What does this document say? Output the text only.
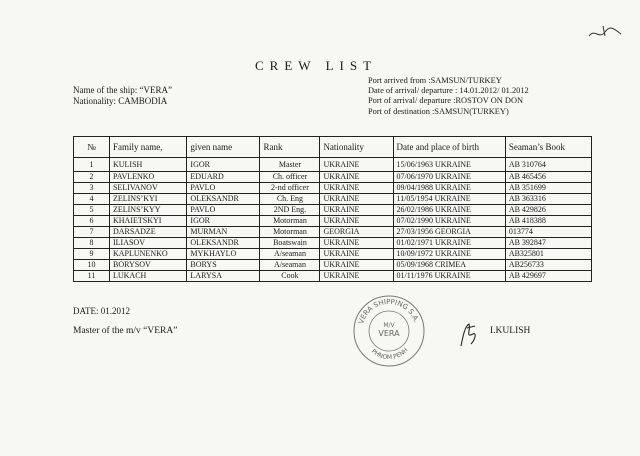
CREW LIST
Name of the ship: “VERA”
Nationality: CAMBODIA
Port arrived from :SAMSUN/TURKEY
Date of arrival/ departure : 14.01.2012/ 01.2012
Port of arrival/ departure :ROSTOV ON DON
Port of destination :SAMSUN(TURKEY)
№	Family name,	given name	Rank	Nationality	Date and place of birth	Seaman’s Book
1	KULISH	IGOR	Master	UKRAINE	15/06/1963 UKRAINE	AB 310764
2	PAVLENKO	EDUARD	Ch. officer	UKRAINE	07/06/1970 UKRAINE	AB 465456
3	SELIVANOV	PAVLO	2-nd officer	UKRAINE	09/04/1988 UKRAINE	AB 351699
4	ZELINS’KYI	OLEKSANDR	Ch. Eng	UKRAINE	11/05/1954 UKRAINE	AB 363316
5	ZELINS’KYY	PAVLO	2ND Eng.	UKRAINE	26/02/1986 UKRAINE	AB 429826
6	KHAIETSKYI	IGOR	Motorman	UKRAINE	07/02/1990 UKRAINE	AB 418388
7	DARSADZE	MURMAN	Motorman	GEORGIA	27/03/1956 GEORGIA	013774
8	ILIASOV	OLEKSANDR	Boatswain	UKRAINE	01/02/1971 UKRAINE	AB 392847
9	KAPLUNENKO	MYKHAYLO	A/seaman	UKRAINE	10/09/1972 UKRAINE	AB325801
10	BORYSOV	BORYS	A/seaman	UKRAINE	05/09/1968 CRIMEA	AB256733
11	LUKACH	LARYSA	Cook	UKRAINE	01/11/1976 UKRAINE	AB 429697
DATE: 01.2012
Master of the m/v “VERA”
VERA SHIPPING S.A.
PHNOM PENH
M/V
VERA	I.KULISH
